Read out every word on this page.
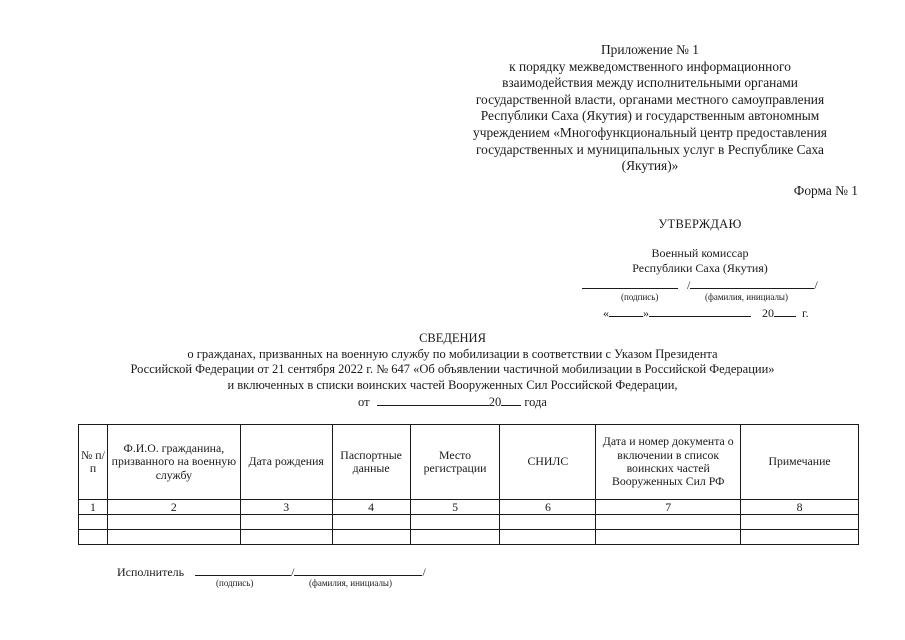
Приложение № 1
к порядку межведомственного информационного
взаимодействия между исполнительными органами
государственной власти, органами местного самоуправления
Республики Саха (Якутия) и государственным автономным
учреждением «Многофункциональный центр предоставления
государственных и муниципальных услуг в Республике Саха
(Якутия)»
Форма № 1
УТВЕРЖДАЮ
Военный комиссар
Республики Саха (Якутия)
/	/
(подпись)	(фамилия, инициалы)
«	»	20 г.
СВЕДЕНИЯ
о гражданах, призванных на военную службу по мобилизации в соответствии с Указом Президента
Российской Федерации от 21 сентября 2022 г. № 647 «Об объявлении частичной мобилизации в Российской Федерации»
и включенных в списки воинских частей Вооруженных Сил Российской Федерации,
от	20 года
№ п/п	Ф.И.О. гражданина, призванного на военную службу	Дата рождения	Паспортные данные	Место регистрации	СНИЛС	Дата и номер документа о включении в список воинских частей Вооруженных Сил РФ	Примечание
1	2	3	4	5	6	7	8

Исполнитель	/	/
(подпись)	(фамилия, инициалы)
